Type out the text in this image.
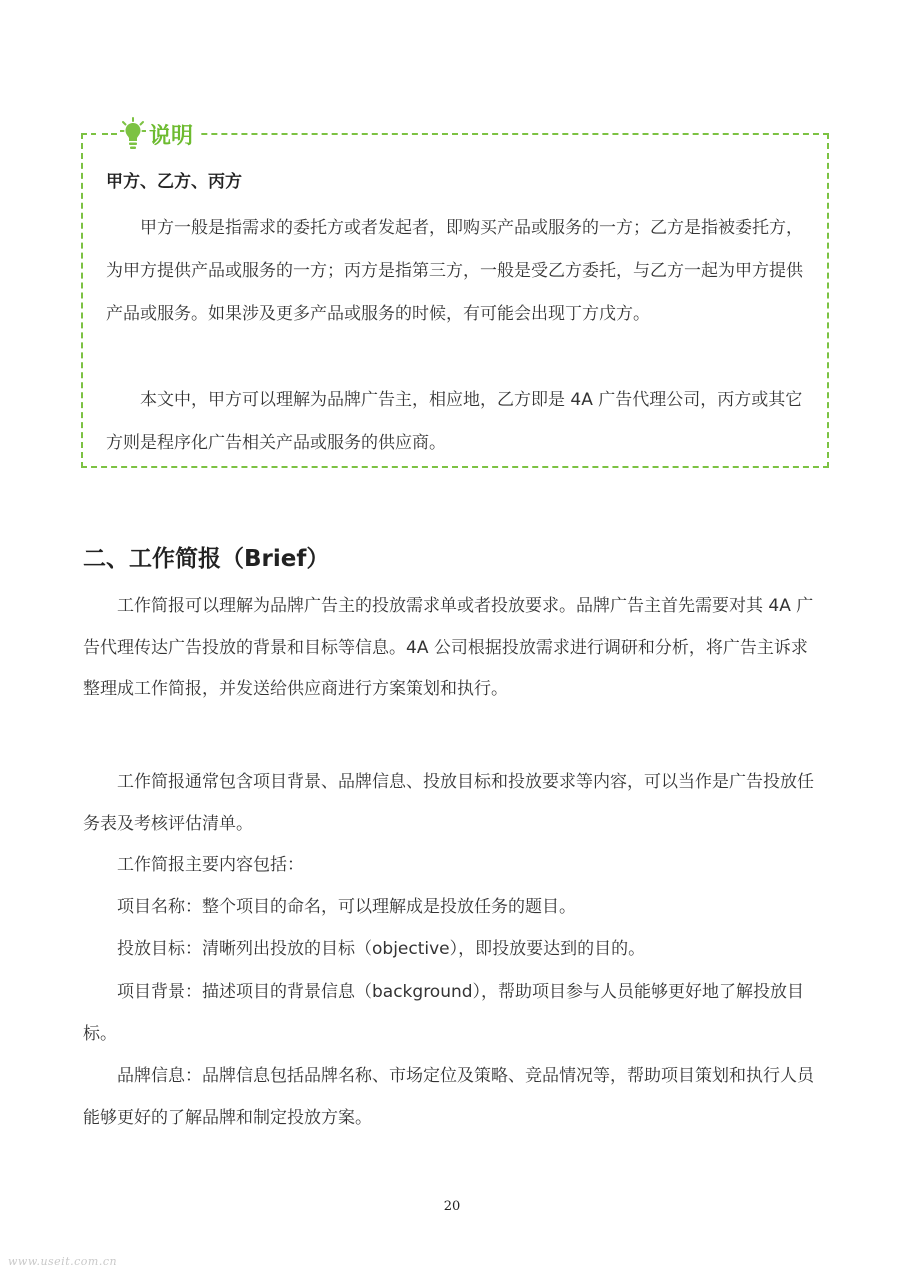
说明

甲方、乙方、丙方

甲方一般是指需求的委托方或者发起者，即购买产品或服务的一方；乙方是指被委托方，为甲方提供产品或服务的一方；丙方是指第三方，一般是受乙方委托，与乙方一起为甲方提供产品或服务。如果涉及更多产品或服务的时候，有可能会出现丁方戊方。

本文中，甲方可以理解为品牌广告主，相应地，乙方即是 4A 广告代理公司，丙方或其它方则是程序化广告相关产品或服务的供应商。

二、工作简报（Brief）

工作简报可以理解为品牌广告主的投放需求单或者投放要求。品牌广告主首先需要对其 4A 广告代理传达广告投放的背景和目标等信息。4A 公司根据投放需求进行调研和分析，将广告主诉求整理成工作简报，并发送给供应商进行方案策划和执行。

工作简报通常包含项目背景、品牌信息、投放目标和投放要求等内容，可以当作是广告投放任务表及考核评估清单。

工作简报主要内容包括：

项目名称：整个项目的命名，可以理解成是投放任务的题目。

投放目标：清晰列出投放的目标（objective），即投放要达到的目的。

项目背景：描述项目的背景信息（background），帮助项目参与人员能够更好地了解投放目标。

品牌信息：品牌信息包括品牌名称、市场定位及策略、竞品情况等，帮助项目策划和执行人员能够更好的了解品牌和制定投放方案。

20
www.useit.com.cn
